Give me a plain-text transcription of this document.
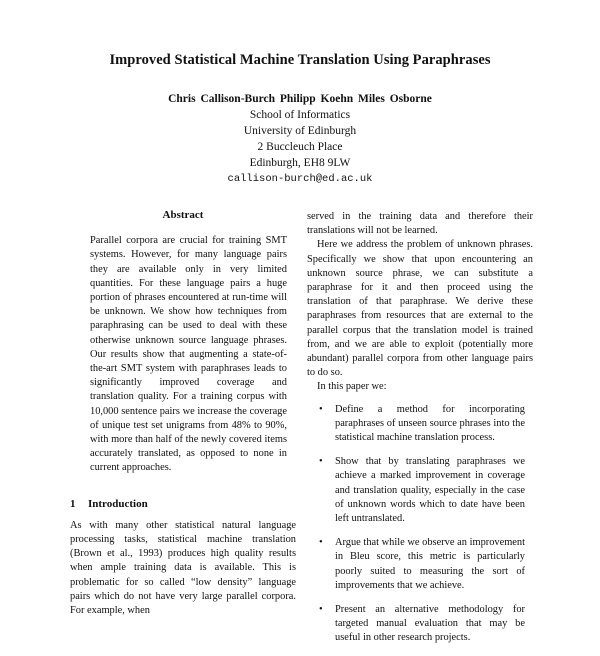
Improved Statistical Machine Translation Using Paraphrases
Chris Callison-Burch Philipp Koehn Miles Osborne
School of Informatics
University of Edinburgh
2 Buccleuch Place
Edinburgh, EH8 9LW
callison-burch@ed.ac.uk
Abstract

Parallel corpora are crucial for training SMT systems. However, for many language pairs they are available only in very limited quantities. For these language pairs a huge portion of phrases encountered at run-time will be unknown. We show how techniques from paraphrasing can be used to deal with these otherwise unknown source language phrases. Our results show that augmenting a state-of-the-art SMT system with paraphrases leads to significantly improved coverage and translation quality. For a training corpus with 10,000 sentence pairs we increase the coverage of unique test set unigrams from 48% to 90%, with more than half of the newly covered items accurately translated, as opposed to none in current approaches.

1 Introduction

As with many other statistical natural language processing tasks, statistical machine translation (Brown et al., 1993) produces high quality results when ample training data is available. This is problematic for so called “low density” language pairs which do not have very large parallel corpora. For example, when

served in the training data and therefore their translations will not be learned.

Here we address the problem of unknown phrases. Specifically we show that upon encountering an unknown source phrase, we can substitute a paraphrase for it and then proceed using the translation of that paraphrase. We derive these paraphrases from resources that are external to the parallel corpus that the translation model is trained from, and we are able to exploit (potentially more abundant) parallel corpora from other language pairs to do so.

In this paper we:

• Define a method for incorporating paraphrases of unseen source phrases into the statistical machine translation process.
• Show that by translating paraphrases we achieve a marked improvement in coverage and translation quality, especially in the case of unknown words which to date have been left untranslated.
• Argue that while we observe an improvement in Bleu score, this metric is particularly poorly suited to measuring the sort of improvements that we achieve.
• Present an alternative methodology for targeted manual evaluation that may be useful in other research projects.
